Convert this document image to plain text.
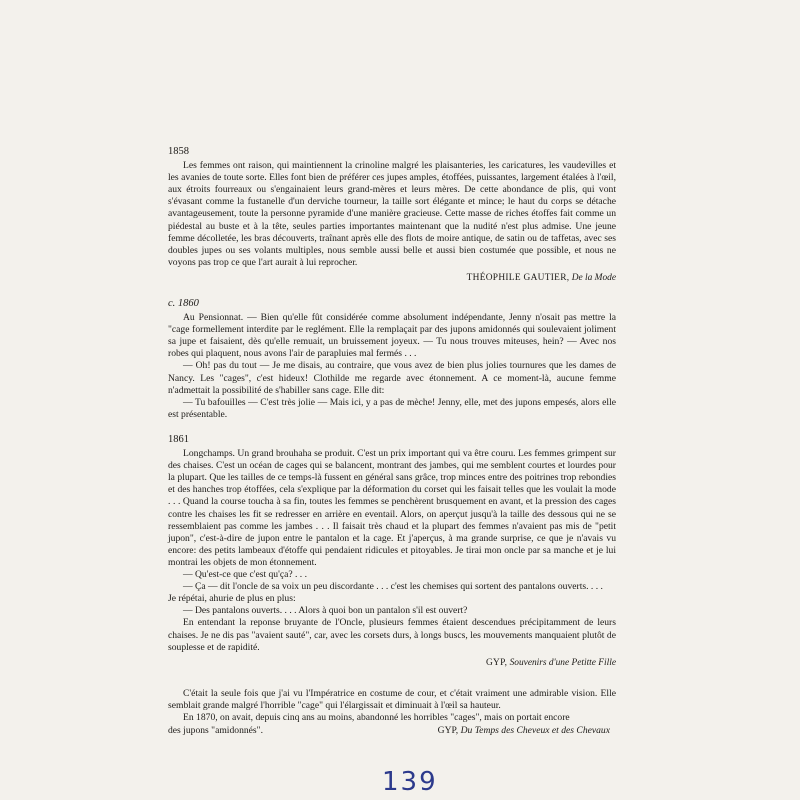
1858

Les femmes ont raison, qui maintiennent la crinoline malgré les plaisanteries, les caricatures, les vaudevilles et les avanies de toute sorte. Elles font bien de préférer ces jupes amples, étoffées, puissantes, largement étalées à l'œil, aux étroits fourreaux ou s'engainaient leurs grand-mères et leurs mères. De cette abondance de plis, qui vont s'évasant comme la fustanelle d'un derviche tourneur, la taille sort élégante et mince; le haut du corps se détache avantageusement, toute la personne pyramide d'une manière gracieuse. Cette masse de riches étoffes fait comme un piédestal au buste et à la tête, seules parties importantes maintenant que la nudité n'est plus admise. Une jeune femme décolletée, les bras découverts, traînant après elle des flots de moire antique, de satin ou de taffetas, avec ses doubles jupes ou ses volants multiples, nous semble aussi belle et aussi bien costumée que possible, et nous ne voyons pas trop ce que l'art aurait à lui reprocher.

THÉOPHILE GAUTIER, De la Mode
c. 1860

Au Pensionnat. — Bien qu'elle fût considérée comme absolument indépendante, Jenny n'osait pas mettre la "cage formellement interdite par le reglément. Elle la remplaçait par des jupons amidonnés qui soulevaient joliment sa jupe et faisaient, dès qu'elle remuait, un bruissement joyeux. — Tu nous trouves miteuses, hein? — Avec nos robes qui plaquent, nous avons l'air de parapluies mal fermés . . .

— Oh! pas du tout — Je me disais, au contraire, que vous avez de bien plus jolies tournures que les dames de Nancy. Les "cages", c'est hideux! Clothilde me regarde avec étonnement. A ce moment-là, aucune femme n'admettait la possibilité de s'habiller sans cage. Elle dit:

— Tu bafouilles — C'est très jolie — Mais ici, y a pas de mèche! Jenny, elle, met des jupons empesés, alors elle est présentable.

1861

Longchamps. Un grand brouhaha se produit. C'est un prix important qui va être couru. Les femmes grimpent sur des chaises. C'est un océan de cages qui se balancent, montrant des jambes, qui me semblent courtes et lourdes pour la plupart. Que les tailles de ce temps-là fussent en général sans grâce, trop minces entre des poitrines trop rebondies et des hanches trop étoffées, cela s'explique par la déformation du corset qui les faisait telles que les voulait la mode . . . Quand la course toucha à sa fin, toutes les femmes se penchèrent brusquement en avant, et la pression des cages contre les chaises les fit se redresser en arrière en eventail. Alors, on aperçut jusqu'à la taille des dessous qui ne se ressemblaient pas comme les jambes . . . Il faisait très chaud et la plupart des femmes n'avaient pas mis de "petit jupon", c'est-à-dire de jupon entre le pantalon et la cage. Et j'aperçus, à ma grande surprise, ce que je n'avais vu encore: des petits lambeaux d'étoffe qui pendaient ridicules et pitoyables. Je tirai mon oncle par sa manche et je lui montrai les objets de mon étonnement.

— Qu'est-ce que c'est qu'ça? . . .

— Ça — dit l'oncle de sa voix un peu discordante . . . c'est les chemises qui sortent des pantalons ouverts. . . .

Je répétai, ahurie de plus en plus:

— Des pantalons ouverts. . . . Alors à quoi bon un pantalon s'il est ouvert?

En entendant la reponse bruyante de l'Oncle, plusieurs femmes étaient descendues précipitamment de leurs chaises. Je ne dis pas "avaient sauté", car, avec les corsets durs, à longs buscs, les mouvements manquaient plutôt de souplesse et de rapidité.

GYP, Souvenirs d'une Petitte Fille

C'était la seule fois que j'ai vu l'Impératrice en costume de cour, et c'était vraiment une admirable vision. Elle semblait grande malgré l'horrible "cage" qui l'élargissait et diminuait à l'œil sa hauteur.

En 1870, on avait, depuis cinq ans au moins, abandonné les horribles "cages", mais on portait encore

des jupons "amidonnés".	GYP, Du Temps des Cheveux et des Chevaux
139
